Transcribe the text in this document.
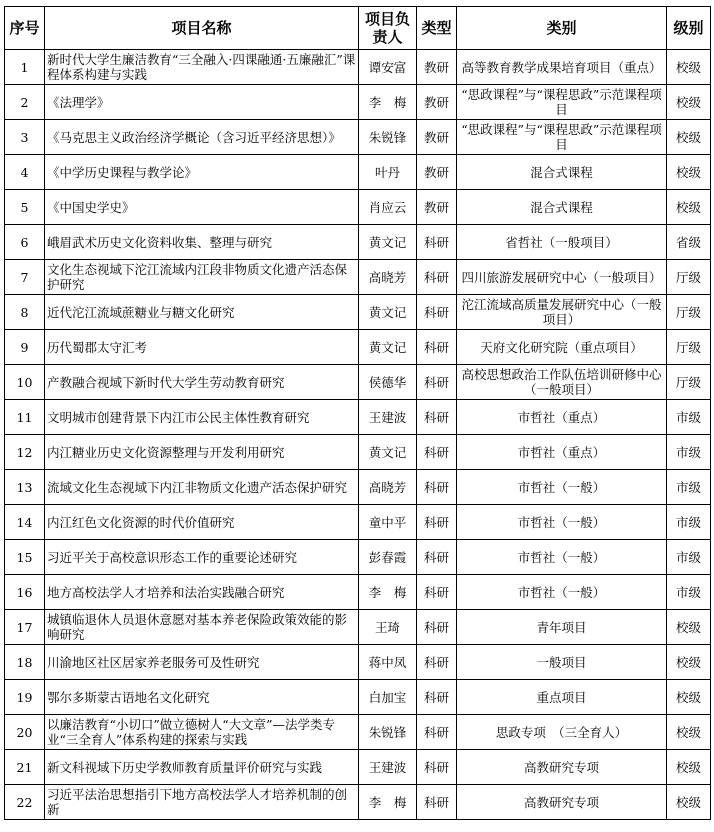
序号	项目名称	项目负责人	类型	类别	级别
1	新时代大学生廉洁教育“三全融入·四课融通·五廉融汇”课程体系构建与实践	谭安富	教研	高等教育教学成果培育项目（重点）	校级
2	《法理学》	李　梅	教研	“思政课程”与“课程思政”示范课程项目	校级
3	《马克思主义政治经济学概论（含习近平经济思想）》	朱锐锋	教研	“思政课程”与“课程思政”示范课程项目	校级
4	《中学历史课程与教学论》	叶丹	教研	混合式课程	校级
5	《中国史学史》	肖应云	教研	混合式课程	校级
6	峨眉武术历史文化资料收集、整理与研究	黄文记	科研	省哲社（一般项目）	省级
7	文化生态视域下沱江流域内江段非物质文化遗产活态保护研究	高晓芳	科研	四川旅游发展研究中心（一般项目）	厅级
8	近代沱江流域蔗糖业与糖文化研究	黄文记	科研	沱江流域高质量发展研究中心（一般项目）	厅级
9	历代蜀郡太守汇考	黄文记	科研	天府文化研究院（重点项目）	厅级
10	产教融合视域下新时代大学生劳动教育研究	侯德华	科研	高校思想政治工作队伍培训研修中心（一般项目）	厅级
11	文明城市创建背景下内江市公民主体性教育研究	王建波	科研	市哲社（重点）	市级
12	内江糖业历史文化资源整理与开发利用研究	黄文记	科研	市哲社（重点）	市级
13	流域文化生态视域下内江非物质文化遗产活态保护研究	高晓芳	科研	市哲社（一般）	市级
14	内江红色文化资源的时代价值研究	童中平	科研	市哲社（一般）	市级
15	习近平关于高校意识形态工作的重要论述研究	彭春霞	科研	市哲社（一般）	市级
16	地方高校法学人才培养和法治实践融合研究	李　梅	科研	市哲社（一般）	市级
17	城镇临退休人员退休意愿对基本养老保险政策效能的影响研究	王琦	科研	青年项目	校级
18	川渝地区社区居家养老服务可及性研究	蒋中凤	科研	一般项目	校级
19	鄂尔多斯蒙古语地名文化研究	白加宝	科研	重点项目	校级
20	以廉洁教育“小切口”做立德树人“大文章”—法学类专业“三全育人”体系构建的探索与实践	朱锐锋	科研	思政专项　（三全育人）	校级
21	新文科视域下历史学教师教育质量评价研究与实践	王建波	科研	高教研究专项	校级
22	习近平法治思想指引下地方高校法学人才培养机制的创新	李　梅	科研	高教研究专项	校级
